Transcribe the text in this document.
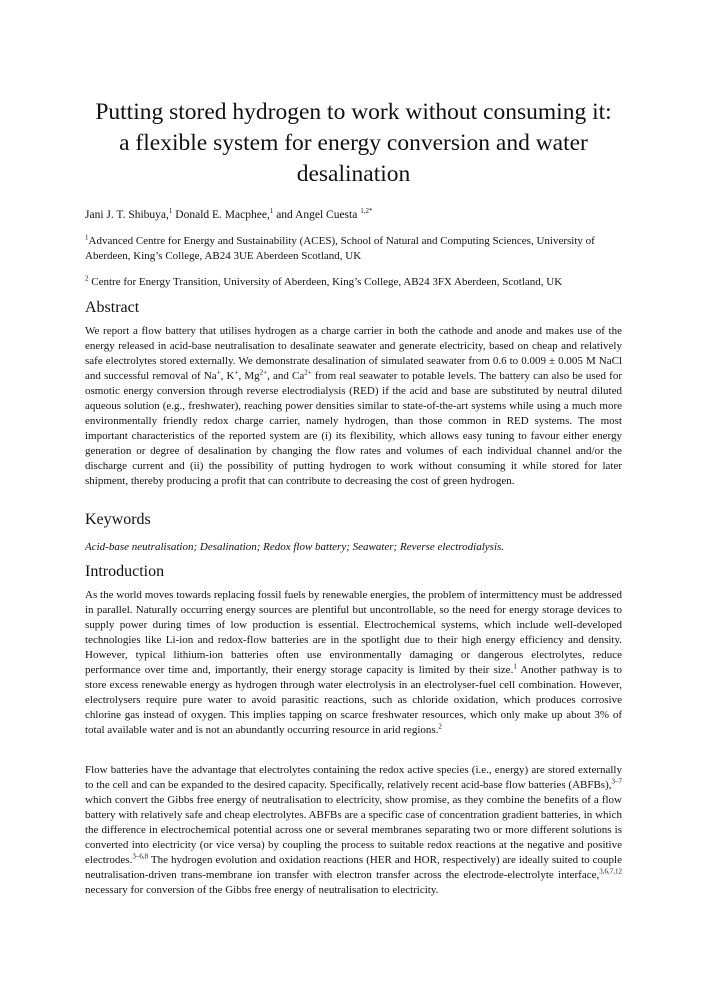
Putting stored hydrogen to work without consuming it:
a flexible system for energy conversion and water
desalination
Jani J. T. Shibuya,$^1$ Donald E. Macphee,$^1$ and Angel Cuesta $^{1,2*}$
$^1$Advanced Centre for Energy and Sustainability (ACES), School of Natural and Computing Sciences, University of Aberdeen, King’s College, AB24 3UE Aberdeen Scotland, UK
$^2$ Centre for Energy Transition, University of Aberdeen, King’s College, AB24 3FX Aberdeen, Scotland, UK
Abstract
We report a flow battery that utilises hydrogen as a charge carrier in both the cathode and anode and makes use of the energy released in acid-base neutralisation to desalinate seawater and generate electricity, based on cheap and relatively safe electrolytes stored externally. We demonstrate desalination of simulated seawater from 0.6 to 0.009 ± 0.005 M NaCl and successful removal of Na+, K+, $Mg^{2+}$, and $Ca^{2+}$ from real seawater to potable levels. The battery can also be used for osmotic energy conversion through reverse electrodialysis (RED) if the acid and base are substituted by neutral diluted aqueous solution (e.g., freshwater), reaching power densities similar to state-of-the-art systems while using a much more environmentally friendly redox charge carrier, namely hydrogen, than those common in RED systems. The most important characteristics of the reported system are (i) its flexibility, which allows easy tuning to favour either energy generation or degree of desalination by changing the flow rates and volumes of each individual channel and/or the discharge current and (ii) the possibility of putting hydrogen to work without consuming it while stored for later shipment, thereby producing a profit that can contribute to decreasing the cost of green hydrogen.
Keywords
Acid-base neutralisation; Desalination; Redox flow battery; Seawater; Reverse electrodialysis.
Introduction
As the world moves towards replacing fossil fuels by renewable energies, the problem of intermittency must be addressed in parallel. Naturally occurring energy sources are plentiful but uncontrollable, so the need for energy storage devices to supply power during times of low production is essential. Electrochemical systems, which include well-developed technologies like Li-ion and redox-flow batteries are in the spotlight due to their high energy efficiency and density. However, typical lithium-ion batteries often use environmentally damaging or dangerous electrolytes, reduce performance over time and, importantly, their energy storage capacity is limited by their size.$^1$ Another pathway is to store excess renewable energy as hydrogen through water electrolysis in an electrolyser-fuel cell combination. However, electrolysers require pure water to avoid parasitic reactions, such as chloride oxidation, which produces corrosive chlorine gas instead of oxygen. This implies tapping on scarce freshwater resources, which only make up about 3% of total available water and is not an abundantly occurring resource in arid regions.$^2$
Flow batteries have the advantage that electrolytes containing the redox active species (i.e., energy) are stored externally to the cell and can be expanded to the desired capacity. Specifically, relatively recent acid-base flow batteries (ABFBs),$^{3-7}$ which convert the Gibbs free energy of neutralisation to electricity, show promise, as they combine the benefits of a flow battery with relatively safe and cheap electrolytes. ABFBs are a specific case of concentration gradient batteries, in which the difference in electrochemical potential across one or several membranes separating two or more different solutions is converted into electricity (or vice versa) by coupling the process to suitable redox reactions at the negative and positive electrodes.$^{3-6,8}$ The hydrogen evolution and oxidation reactions (HER and HOR, respectively) are ideally suited to couple neutralisation-driven trans-membrane ion transfer with electron transfer across the electrode-electrolyte interface,$^{3,6,7,12}$ necessary for conversion of the Gibbs free energy of neutralisation to electricity.
